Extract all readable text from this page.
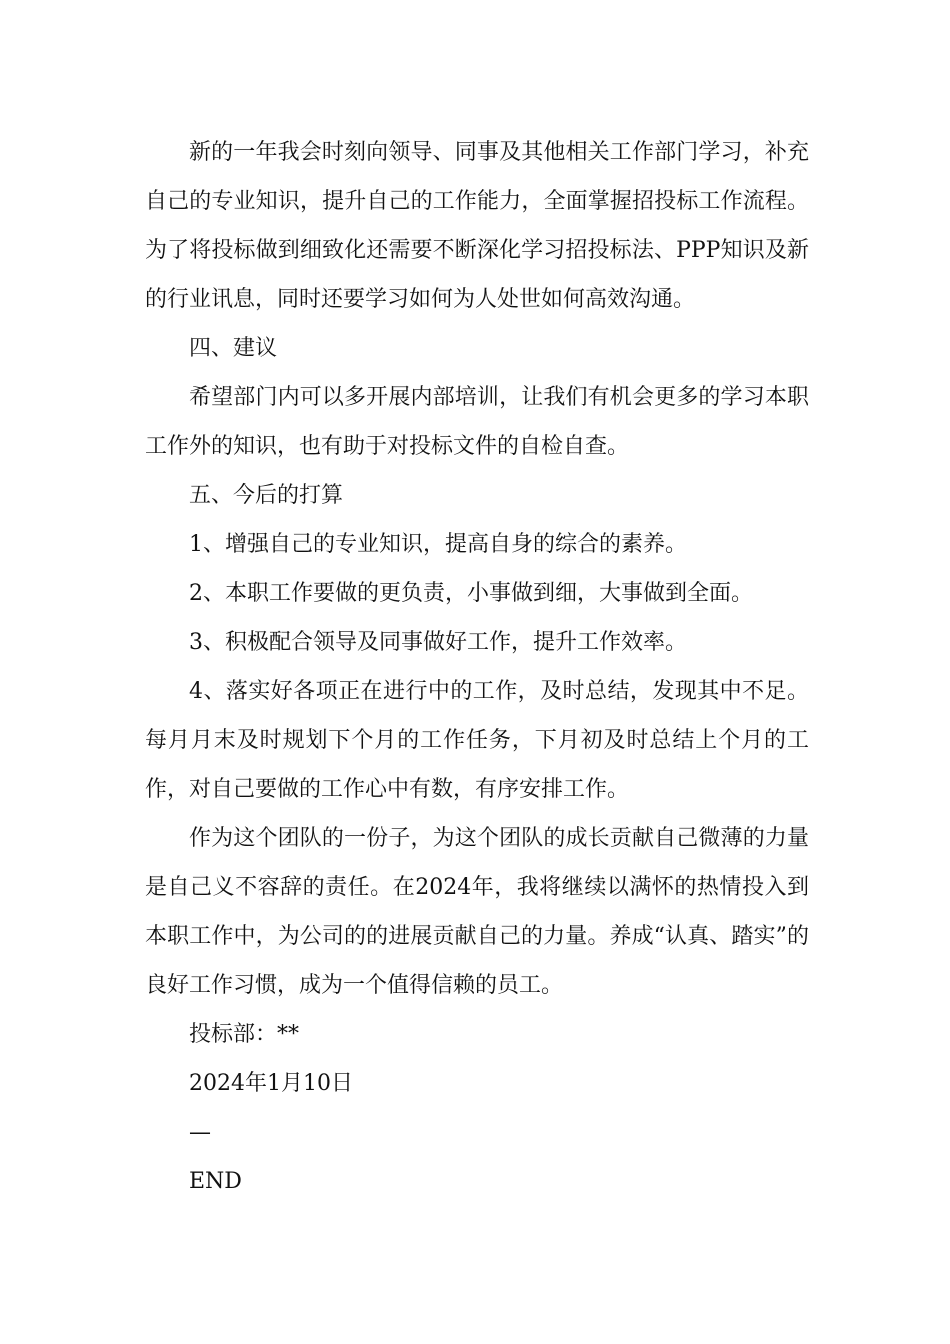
新的一年我会时刻向领导、同事及其他相关工作部门学习，补充自己的专业知识，提升自己的工作能力，全面掌握招投标工作流程。为了将投标做到细致化还需要不断深化学习招投标法、PPP知识及新的行业讯息，同时还要学习如何为人处世如何高效沟通。

四、建议

希望部门内可以多开展内部培训，让我们有机会更多的学习本职工作外的知识，也有助于对投标文件的自检自查。

五、今后的打算

1、增强自己的专业知识，提高自身的综合的素养。

2、本职工作要做的更负责，小事做到细，大事做到全面。

3、积极配合领导及同事做好工作，提升工作效率。

4、落实好各项正在进行中的工作，及时总结，发现其中不足。每月月末及时规划下个月的工作任务，下月初及时总结上个月的工作，对自己要做的工作心中有数，有序安排工作。

作为这个团队的一份子，为这个团队的成长贡献自己微薄的力量是自己义不容辞的责任。在2024年，我将继续以满怀的热情投入到本职工作中，为公司的的进展贡献自己的力量。养成“认真、踏实”的良好工作习惯，成为一个值得信赖的员工。

投标部：**

2024年1月10日

—

END
